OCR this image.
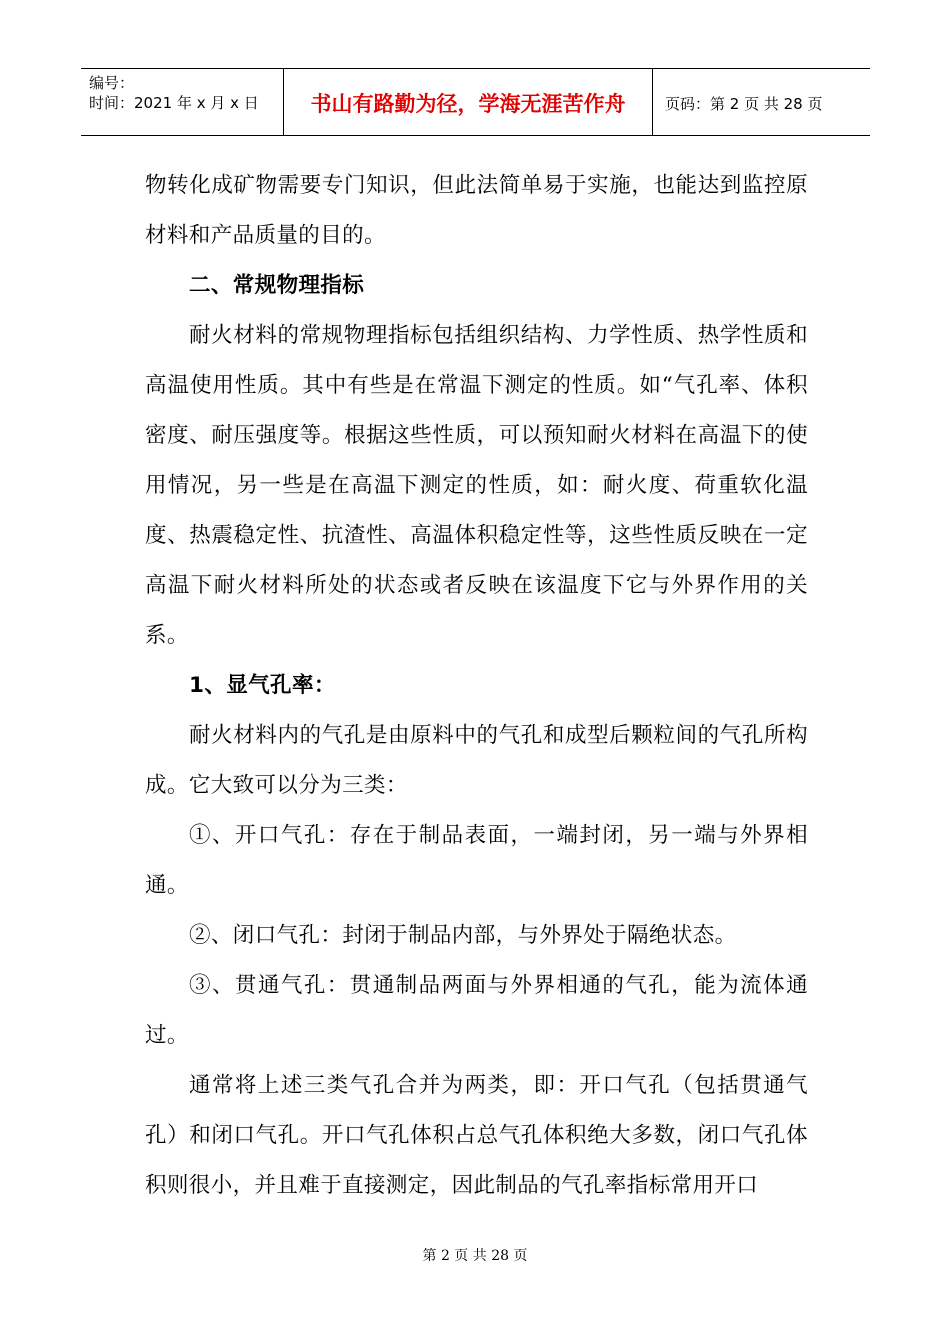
编号：
时间：2021 年 x 月 x 日	书山有路勤为径，学海无涯苦作舟	页码：第 2 页 共 28 页

物转化成矿物需要专门知识，但此法简单易于实施，也能达到监控原材料和产品质量的目的。

二、常规物理指标

耐火材料的常规物理指标包括组织结构、力学性质、热学性质和高温使用性质。其中有些是在常温下测定的性质。如“气孔率、体积密度、耐压强度等。根据这些性质，可以预知耐火材料在高温下的使用情况，另一些是在高温下测定的性质，如：耐火度、荷重软化温度、热震稳定性、抗渣性、高温体积稳定性等，这些性质反映在一定高温下耐火材料所处的状态或者反映在该温度下它与外界作用的关系。

1、显气孔率：

耐火材料内的气孔是由原料中的气孔和成型后颗粒间的气孔所构成。它大致可以分为三类：

①、开口气孔：存在于制品表面，一端封闭，另一端与外界相通。

②、闭口气孔：封闭于制品内部，与外界处于隔绝状态。

③、贯通气孔：贯通制品两面与外界相通的气孔，能为流体通过。

通常将上述三类气孔合并为两类，即：开口气孔（包括贯通气孔）和闭口气孔。开口气孔体积占总气孔体积绝大多数，闭口气孔体积则很小，并且难于直接测定，因此制品的气孔率指标常用开口

第 2 页 共 28 页
